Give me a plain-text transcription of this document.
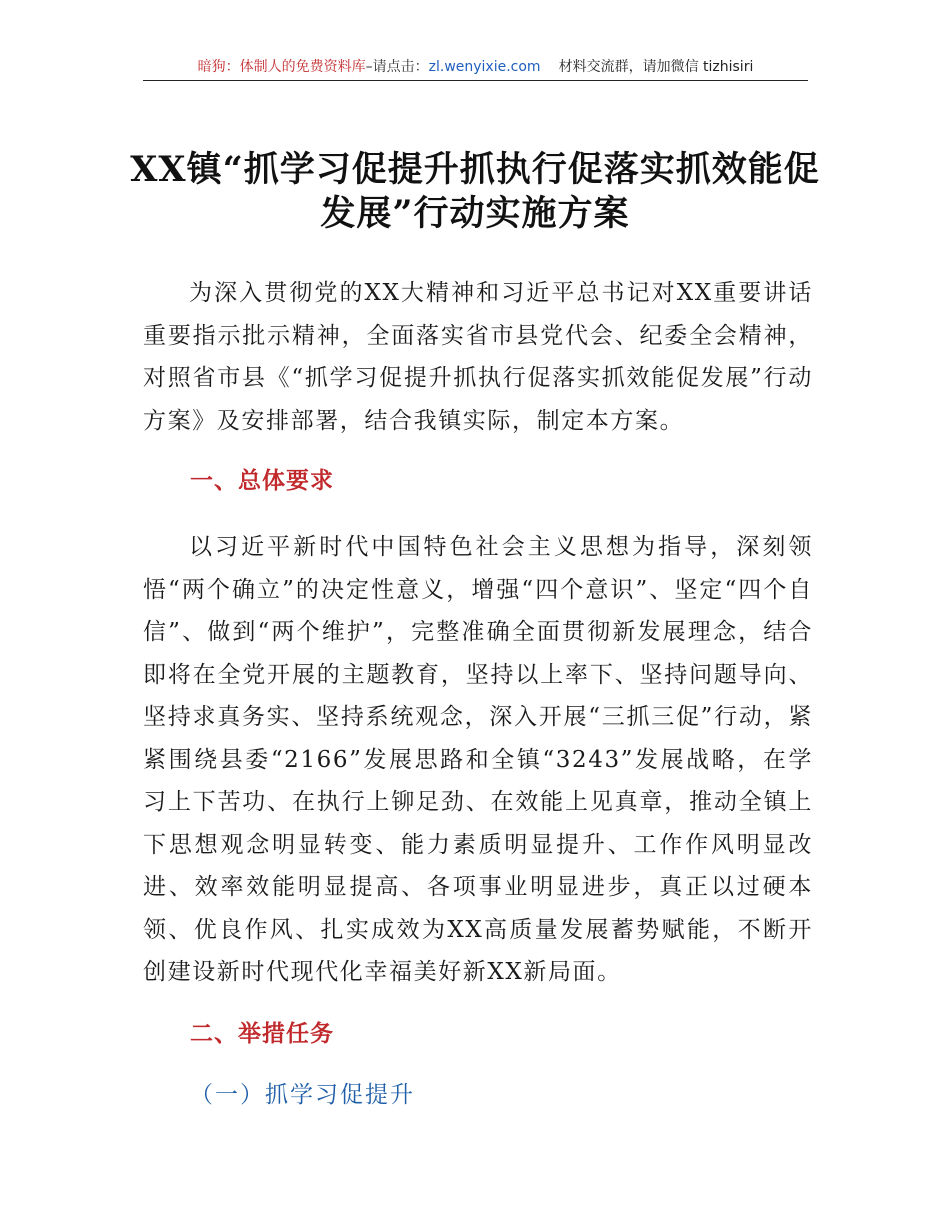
暗狗：体制人的免费资料库–请点击：zl.wenyixie.com 材料交流群，请加微信 tizhisiri
XX镇“抓学习促提升抓执行促落实抓效能促
发展”行动实施方案
为深入贯彻党的XX大精神和习近平总书记对XX重要讲话重要指示批示精神，全面落实省市县党代会、纪委全会精神，对照省市县《“抓学习促提升抓执行促落实抓效能促发展”行动方案》及安排部署，结合我镇实际，制定本方案。
一、总体要求
以习近平新时代中国特色社会主义思想为指导，深刻领悟“两个确立”的决定性意义，增强“四个意识”、坚定“四个自信”、做到“两个维护”，完整准确全面贯彻新发展理念，结合即将在全党开展的主题教育，坚持以上率下、坚持问题导向、坚持求真务实、坚持系统观念，深入开展“三抓三促”行动，紧紧围绕县委“2166”发展思路和全镇“3243”发展战略，在学习上下苦功、在执行上铆足劲、在效能上见真章，推动全镇上下思想观念明显转变、能力素质明显提升、工作作风明显改进、效率效能明显提高、各项事业明显进步，真正以过硬本领、优良作风、扎实成效为XX高质量发展蓄势赋能，不断开创建设新时代现代化幸福美好新XX新局面。
二、举措任务
（一）抓学习促提升
